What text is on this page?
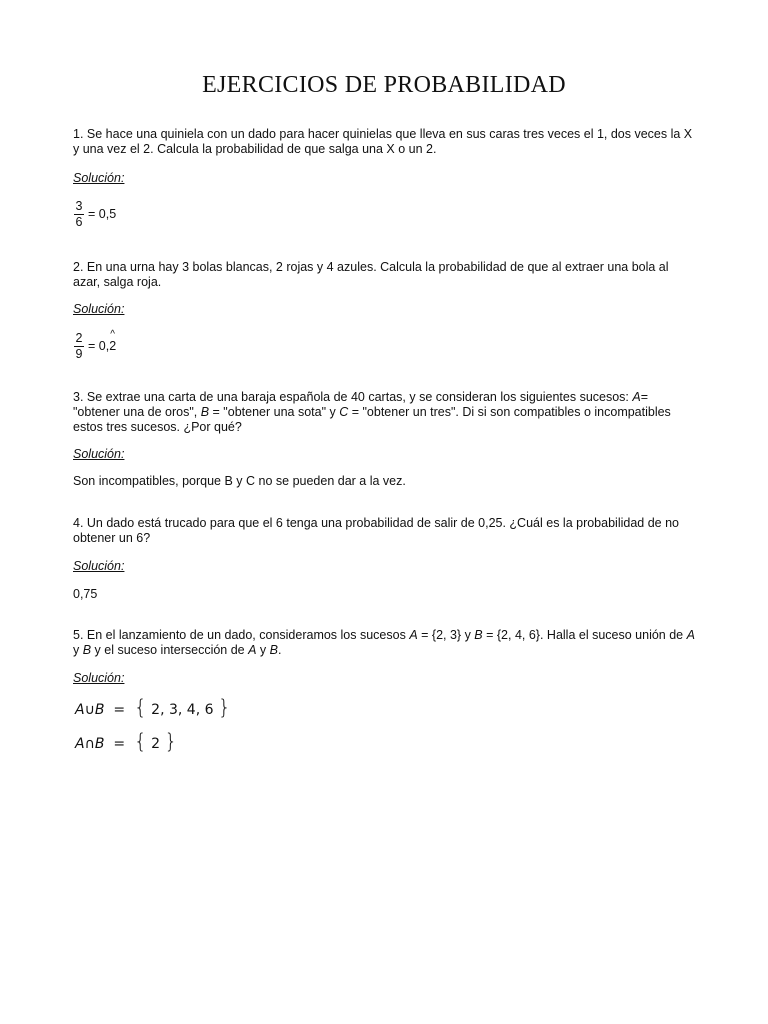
EJERCICIOS DE PROBABILIDAD
1. Se hace una quiniela con un dado para hacer quinielas que lleva en sus caras tres veces el 1, dos veces la X y una vez el 2. Calcula la probabilidad de que salga una X o un 2.
Solución:
$\frac{3}{6} = 0,5$
2. En una urna hay 3 bolas blancas, 2 rojas y 4 azules. Calcula la probabilidad de que al extraer una bola al azar, salga roja.
Solución:
$\frac{2}{9}$ = 0,^ 2
3. Se extrae una carta de una baraja española de 40 cartas, y se consideran los siguientes sucesos: A= "obtener una de oros", B = "obtener una sota" y C = "obtener un tres". Di si son compatibles o incompatibles estos tres sucesos. ¿Por qué?
Solución:
Son incompatibles, porque B y C no se pueden dar a la vez.
4. Un dado está trucado para que el 6 tenga una probabilidad de salir de 0,25. ¿Cuál es la probabilidad de no obtener un 6?
Solución:
0,75
5. En el lanzamiento de un dado, consideramos los sucesos A = {2, 3} y B = {2, 4, 6}. Halla el suceso unión de A y B y el suceso intersección de A y B.
Solución:
A∪B = { 2, 3, 4, 6 }
A∩B = { 2 }
